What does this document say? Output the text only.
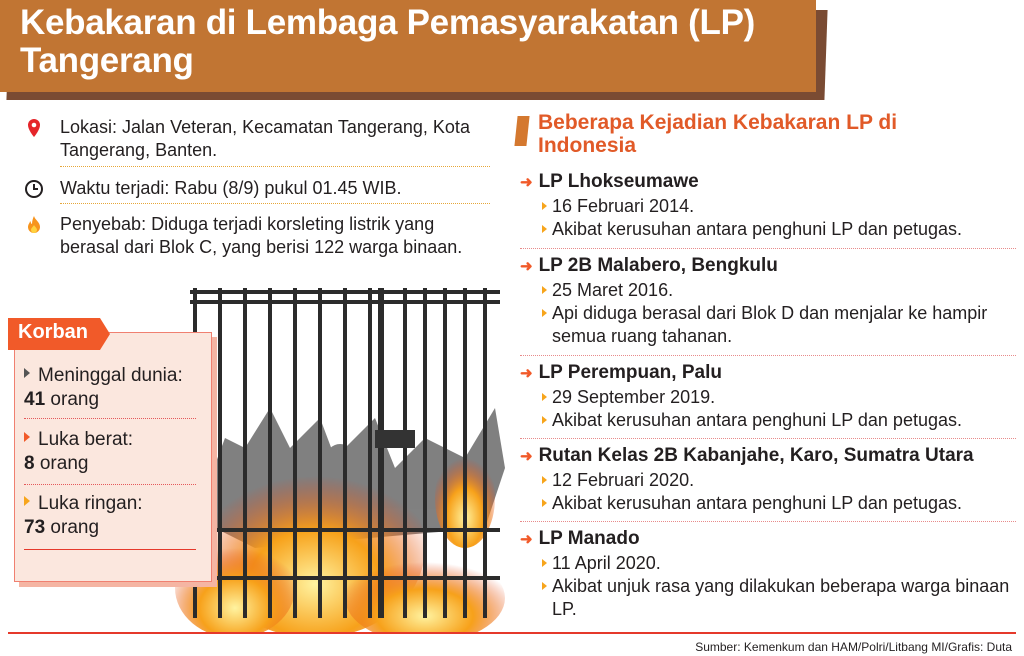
Kebakaran di Lembaga Pemasyarakatan (LP)
Tangerang
Lokasi: Jalan Veteran, Kecamatan Tangerang, Kota Tangerang, Banten.
Waktu terjadi: Rabu (8/9) pukul 01.45 WIB.
Penyebab: Diduga terjadi korsleting listrik yang berasal dari Blok C, yang berisi 122 warga binaan.
Korban
Meninggal dunia:
41 orang
Luka berat:
8 orang
Luka ringan:
73 orang
Beberapa Kejadian Kebakaran LP di Indonesia
➜ LP Lhokseumawe
16 Februari 2014.
Akibat kerusuhan antara penghuni LP dan petugas.
➜ LP 2B Malabero, Bengkulu
25 Maret 2016.
Api diduga berasal dari Blok D dan menjalar ke hampir semua ruang tahanan.
➜ LP Perempuan, Palu
29 September 2019.
Akibat kerusuhan antara penghuni LP dan petugas.
➜ Rutan Kelas 2B Kabanjahe, Karo, Sumatra Utara
12 Februari 2020.
Akibat kerusuhan antara penghuni LP dan petugas.
➜ LP Manado
11 April 2020.
Akibat unjuk rasa yang dilakukan beberapa warga binaan LP.
Sumber: Kemenkum dan HAM/Polri/Litbang MI/Grafis: Duta
